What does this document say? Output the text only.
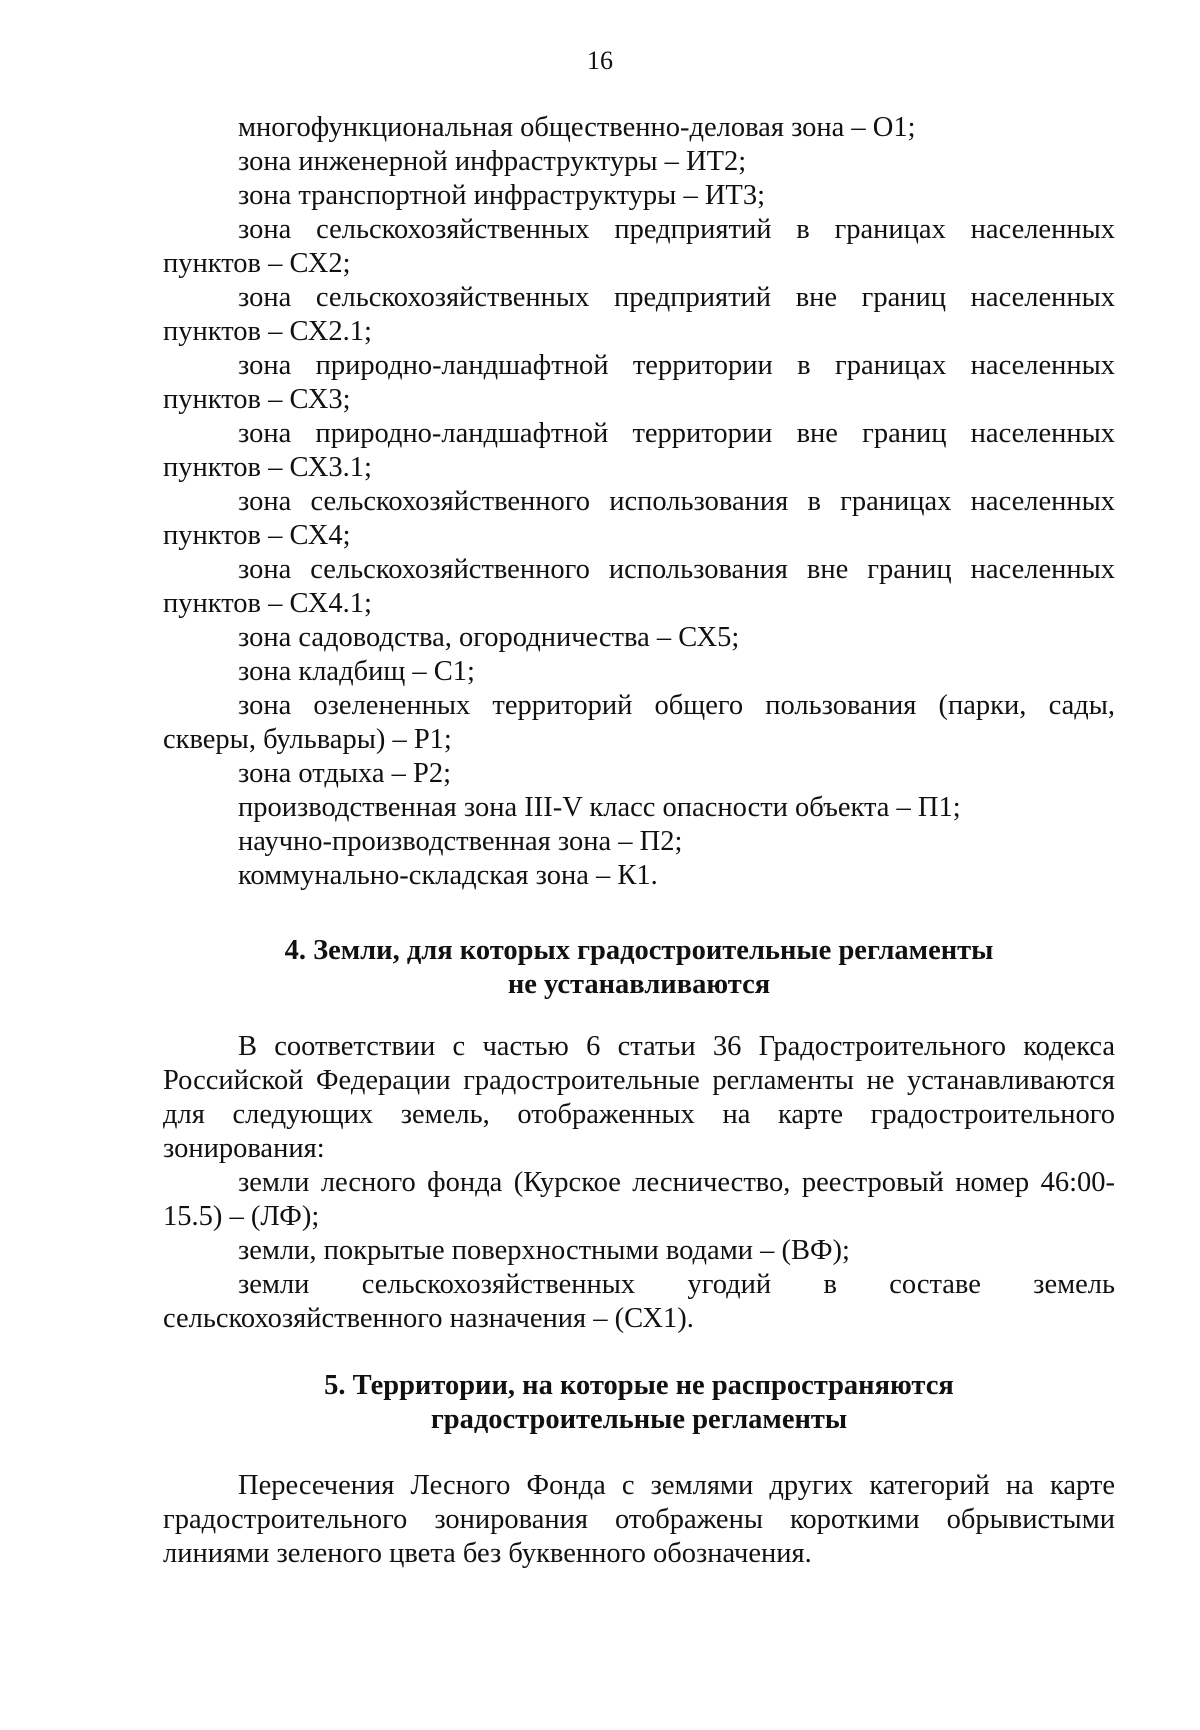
16

многофункциональная общественно-деловая зона – О1;

зона инженерной инфраструктуры – ИТ2;

зона транспортной инфраструктуры – ИТ3;

зона сельскохозяйственных предприятий в границах населенных пунктов – СХ2;

зона сельскохозяйственных предприятий вне границ населенных пунктов – СХ2.1;

зона природно-ландшафтной территории в границах населенных пунктов – СХ3;

зона природно-ландшафтной территории вне границ населенных пунктов – СХ3.1;

зона сельскохозяйственного использования в границах населенных пунктов – СХ4;

зона сельскохозяйственного использования вне границ населенных пунктов – СХ4.1;

зона садоводства, огородничества – СХ5;

зона кладбищ – С1;

зона озелененных территорий общего пользования (парки, сады, скверы, бульвары) – Р1;

зона отдыха – Р2;

производственная зона III-V класс опасности объекта – П1;

научно-производственная зона – П2;

коммунально-складская зона – К1.

4. Земли, для которых градостроительные регламенты
не устанавливаются

В соответствии с частью 6 статьи 36 Градостроительного кодекса Российской Федерации градостроительные регламенты не устанавливаются для следующих земель, отображенных на карте градостроительного зонирования:

земли лесного фонда (Курское лесничество, реестровый номер 46:00-15.5) – (ЛФ);

земли, покрытые поверхностными водами – (ВФ);

земли сельскохозяйственных угодий в составе земель сельскохозяйственного назначения – (СХ1).

5. Территории, на которые не распространяются
градостроительные регламенты

Пересечения Лесного Фонда с землями других категорий на карте градостроительного зонирования отображены короткими обрывистыми линиями зеленого цвета без буквенного обозначения.
